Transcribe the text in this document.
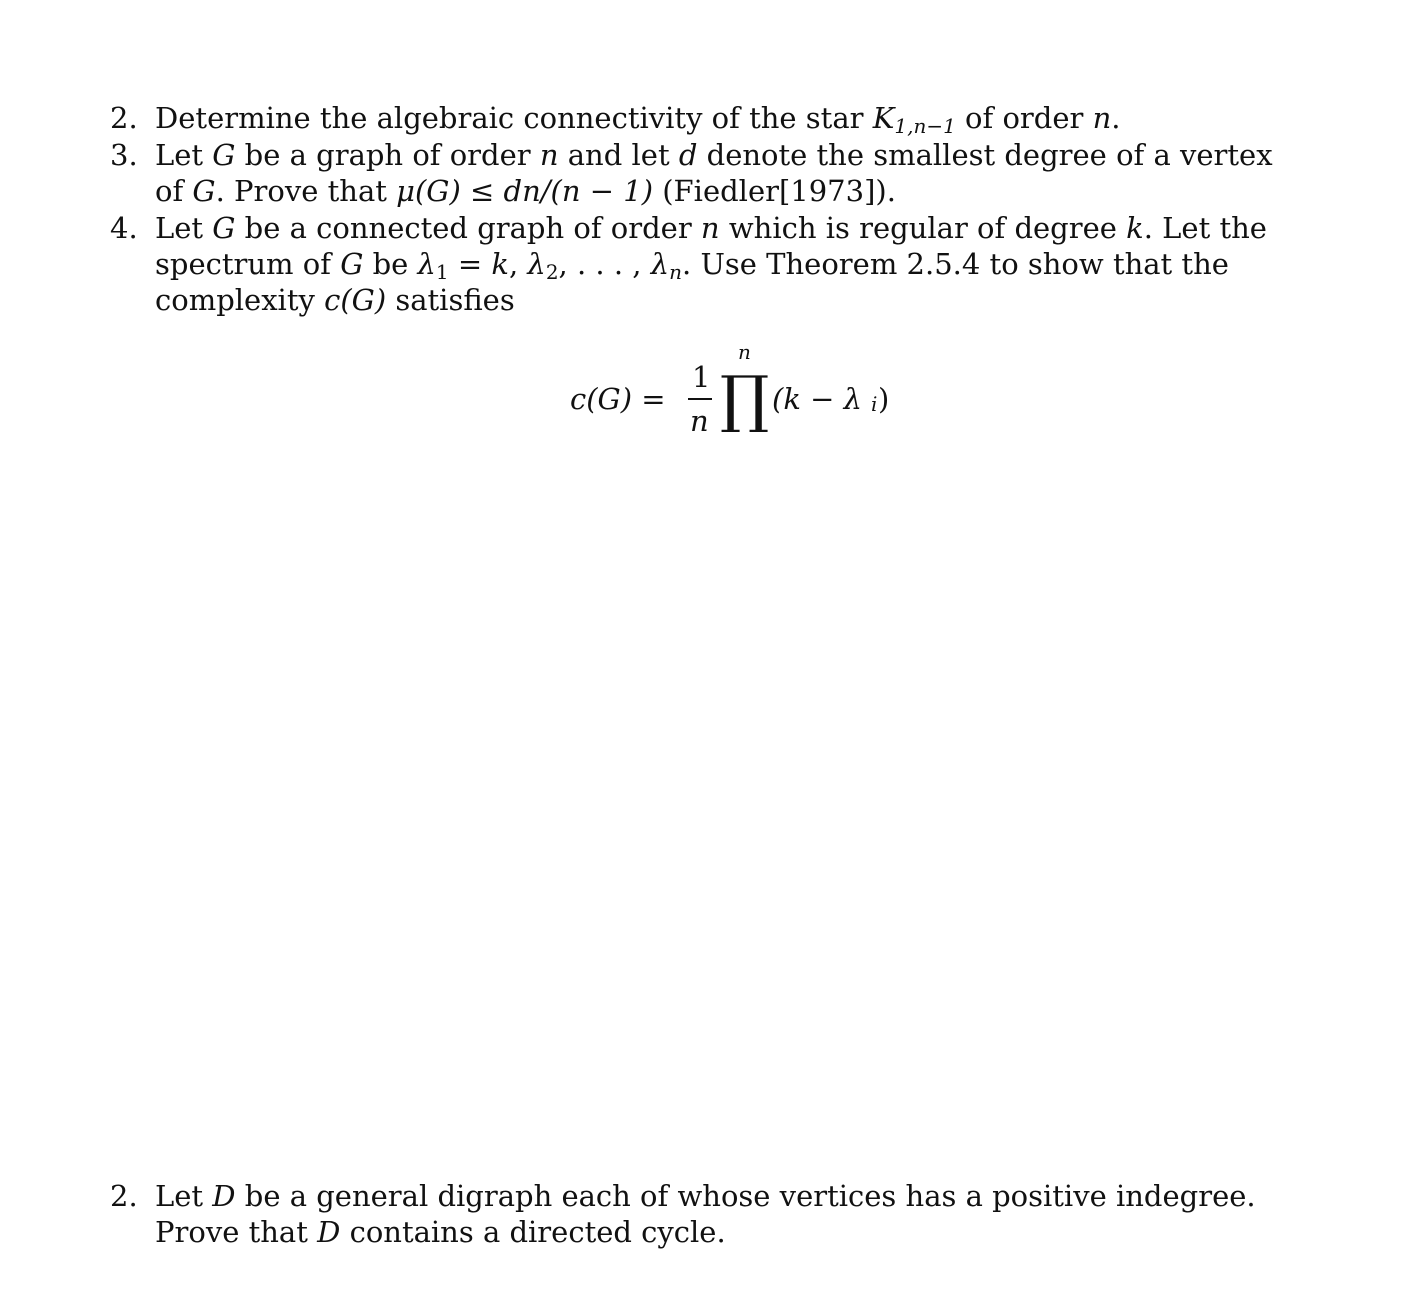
2. Determine the algebraic connectivity of the star $K_{1,n-1}$ of order n.
3. Let G be a graph of order n and let d denote the smallest degree of a vertex
of G. Prove that μ(G) ≤ dn/(n − 1) (Fiedler[1973]).
4. Let G be a connected graph of order n which is regular of degree k. Let the
spectrum of G be $\lambda_1 = k$, $\lambda_2$, . . . , $\lambda_n$. Use Theorem 2.5.4 to show that the
complexity c(G) satisfies
c(G) =
1
n
n
∏ (k − λ i )
2. Let D be a general digraph each of whose vertices has a positive indegree.
Prove that D contains a directed cycle.
